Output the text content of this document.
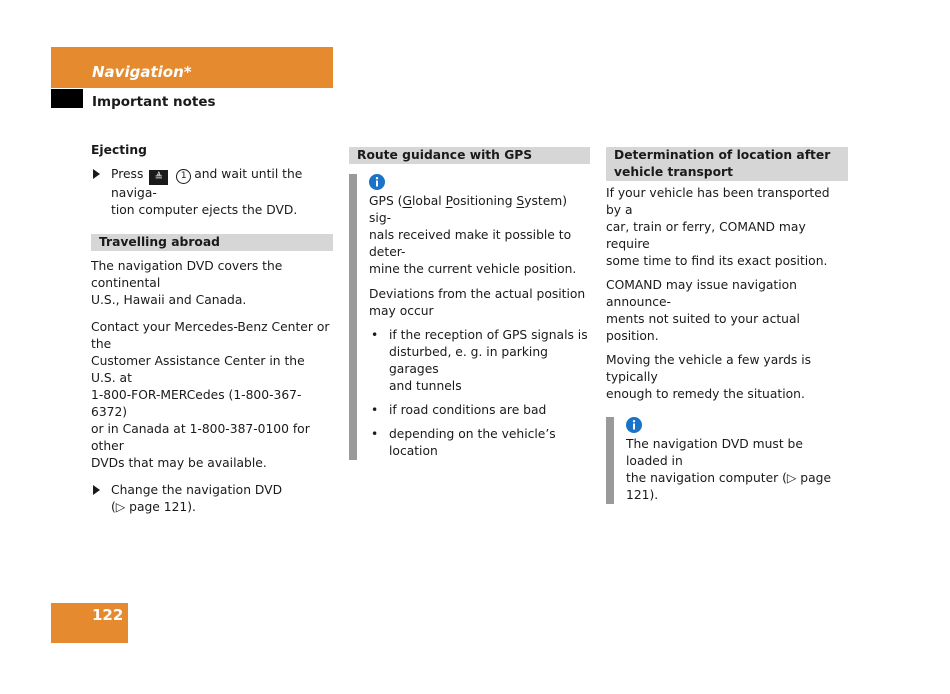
Navigation*
Important notes

Ejecting

Press ≜ 1 and wait until the naviga-
tion computer ejects the DVD.
Travelling abroad

The navigation DVD covers the continental
U.S., Hawaii and Canada.

Contact your Mercedes-Benz Center or the
Customer Assistance Center in the U.S. at
1-800-FOR-MERCedes (1-800-367-6372)
or in Canada at 1-800-387-0100 for other
DVDs that may be available.

Change the navigation DVD
(▷ page 121).
Route guidance with GPS

GPS (Global Positioning System) sig-
nals received make it possible to deter-
mine the current vehicle position.

Deviations from the actual position
may occur

• if the reception of GPS signals is
disturbed, e. g. in parking garages
and tunnels
• if road conditions are bad
• depending on the vehicle’s location
Determination of location after
vehicle transport

If your vehicle has been transported by a
car, train or ferry, COMAND may require
some time to find its exact position.

COMAND may issue navigation announce-
ments not suited to your actual position.

Moving the vehicle a few yards is typically
enough to remedy the situation.

The navigation DVD must be loaded in
the navigation computer (▷ page 121).

122
